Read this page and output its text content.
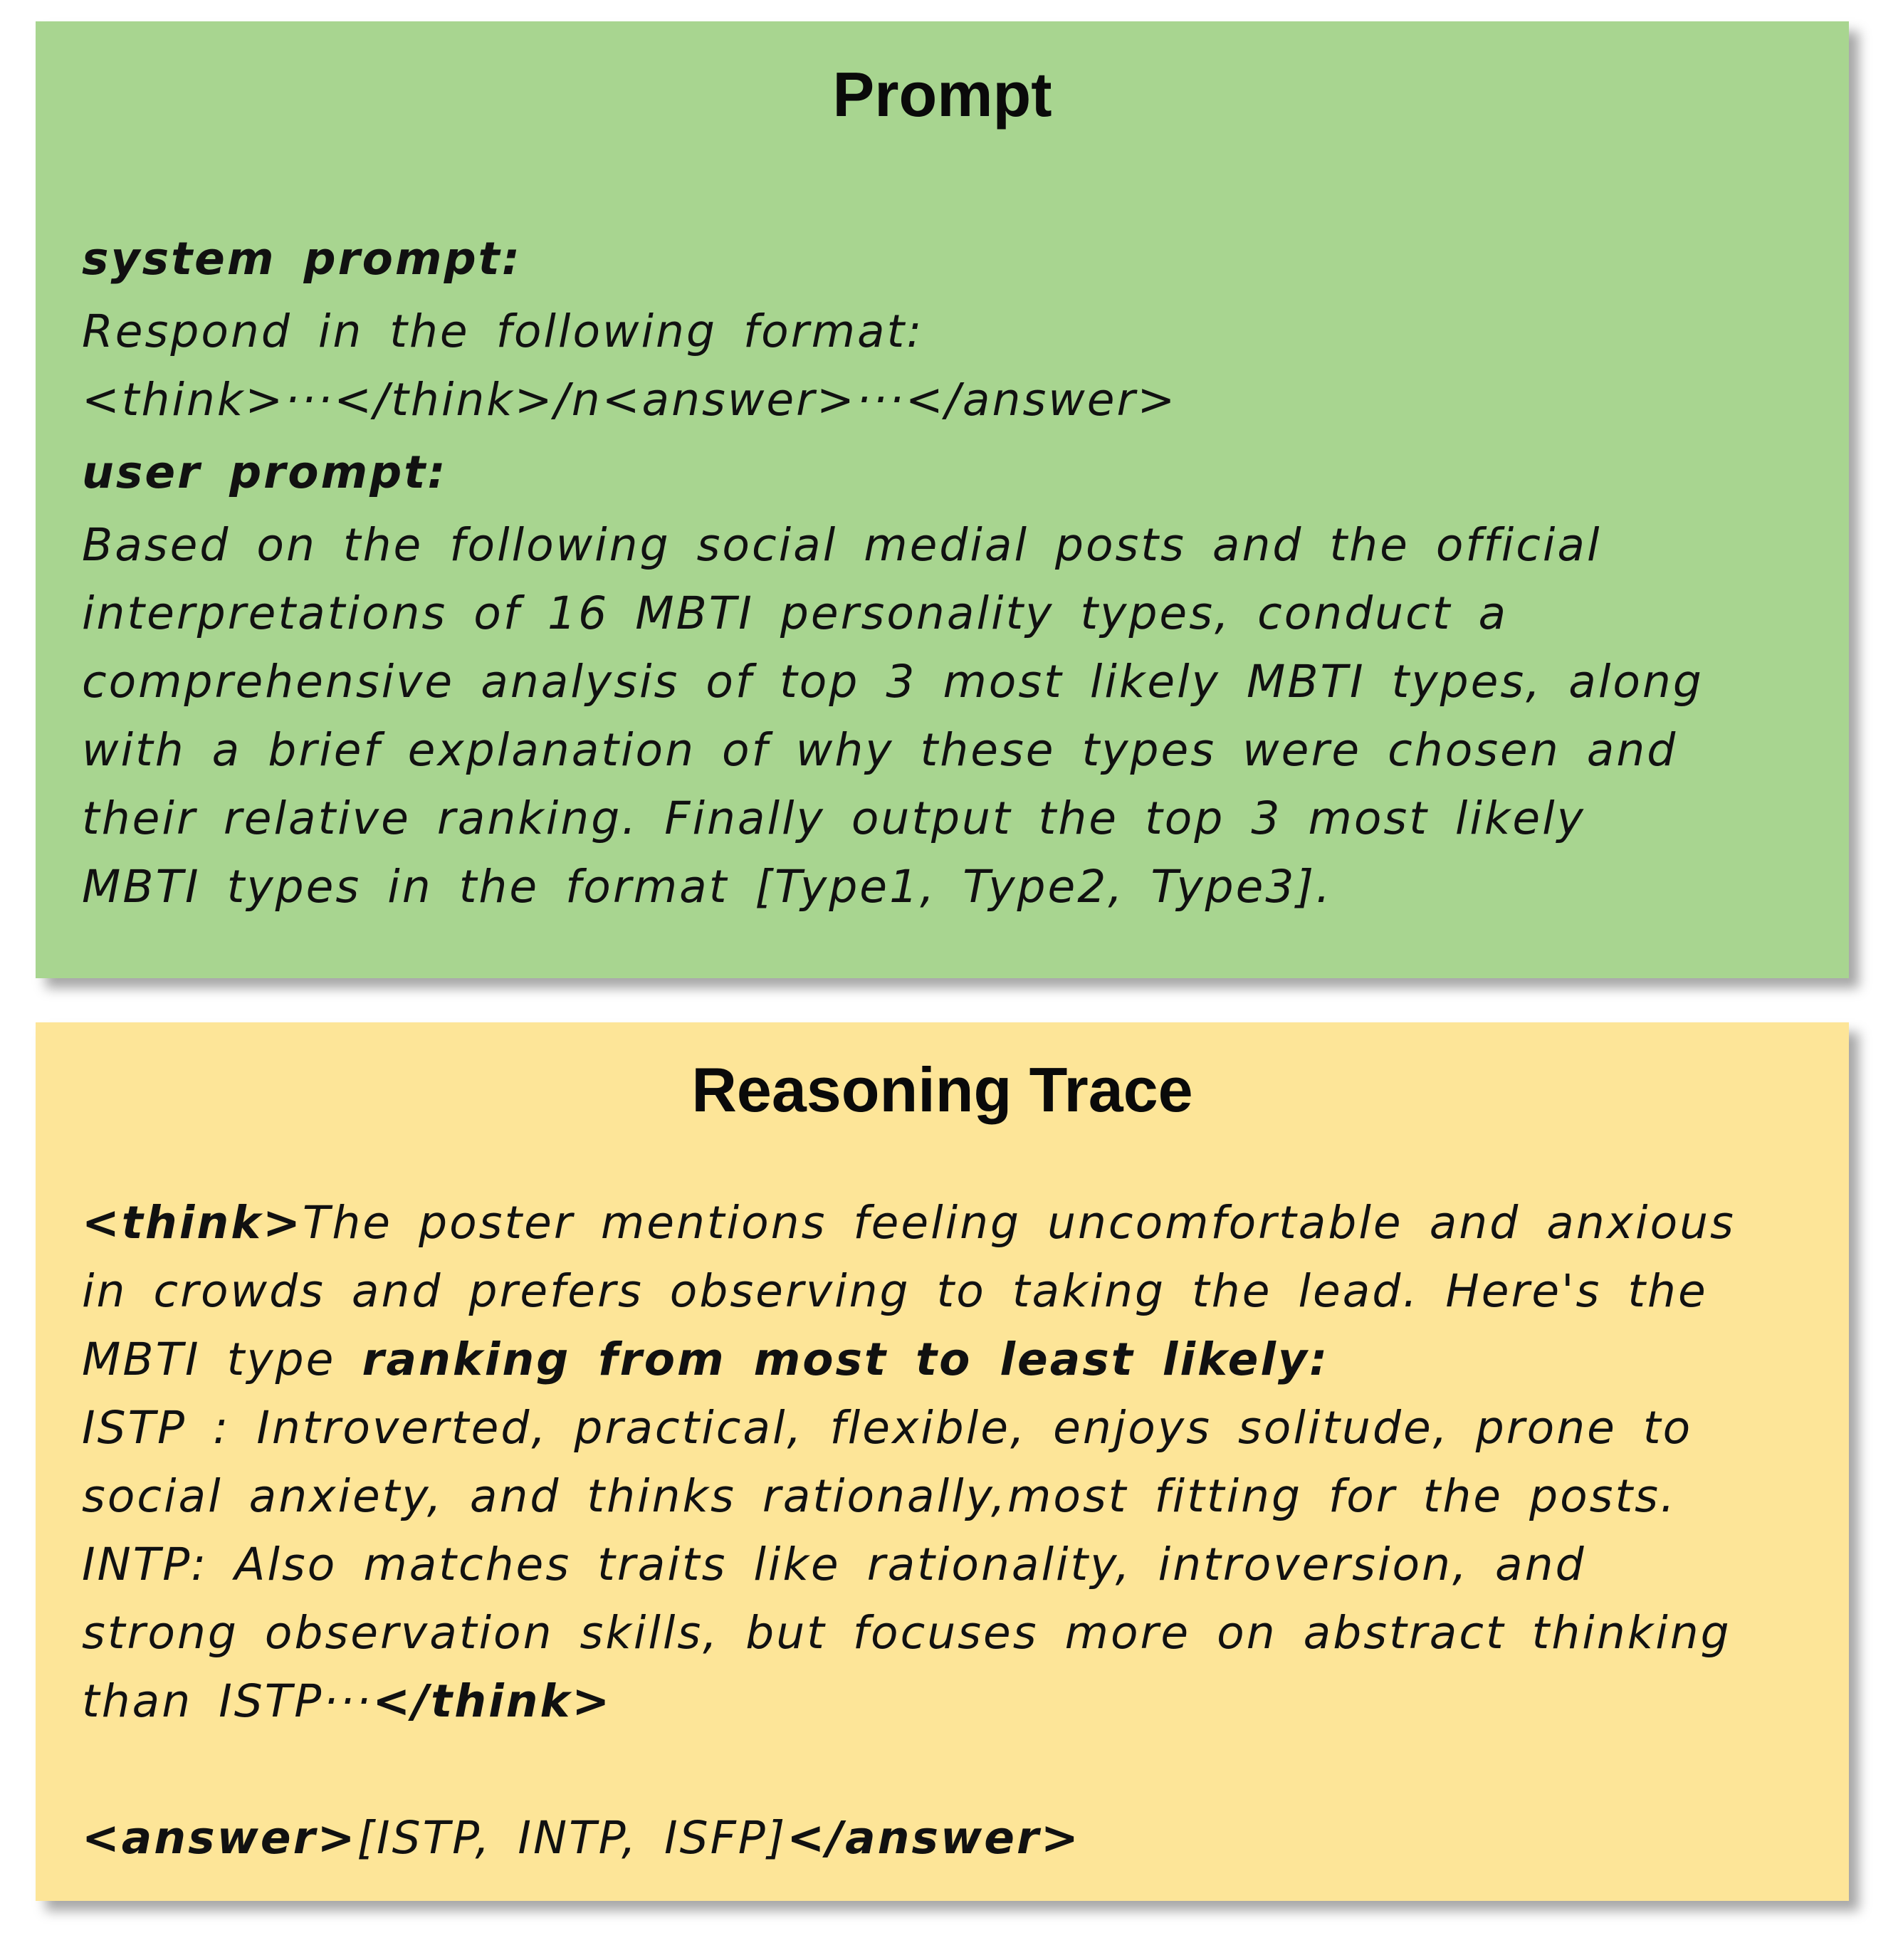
Prompt
system prompt:
Respond in the following format:
<think>···</think>/n<answer>···</answer>
user prompt:
Based on the following social medial posts and the official
interpretations of 16 MBTI personality types, conduct a
comprehensive analysis of top 3 most likely MBTI types, along
with a brief explanation of why these types were chosen and
their relative ranking. Finally output the top 3 most likely
MBTI types in the format [Type1, Type2, Type3].
Reasoning Trace
<think>The poster mentions feeling uncomfortable and anxious
in crowds and prefers observing to taking the lead. Here's the
MBTI type ranking from most to least likely:
ISTP : Introverted, practical, flexible, enjoys solitude, prone to
social anxiety, and thinks rationally,most fitting for the posts.
INTP: Also matches traits like rationality, introversion, and
strong observation skills, but focuses more on abstract thinking
than ISTP···</think>
<answer>[ISTP, INTP, ISFP]</answer>
